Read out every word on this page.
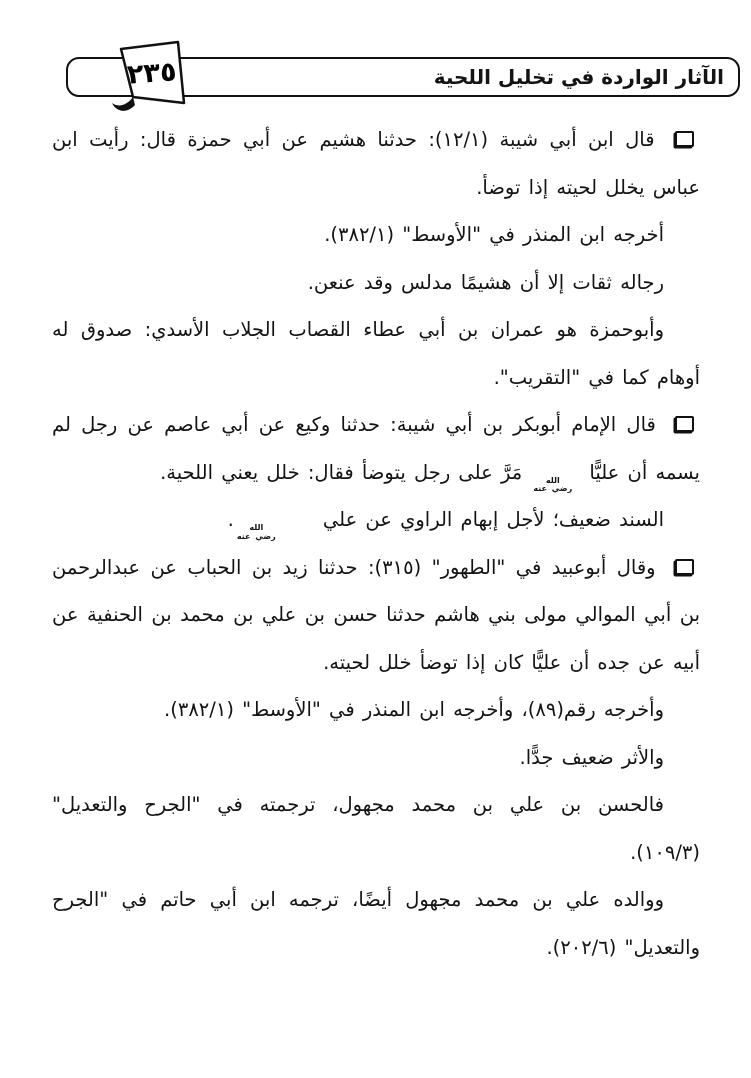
الآثار الواردة في تخليل اللحية
٢٣٥

قال ابن أبي شيبة (١٢/١): حدثنا هشيم عن أبي حمزة قال: رأيت ابن عباس يخلل لحيته إذا توضأ.

أخرجه ابن المنذر في "الأوسط" (٣٨٢/١).

رجاله ثقات إلا أن هشيمًا مدلس وقد عنعن.

وأبوحمزة هو عمران بن أبي عطاء القصاب الجلاب الأسدي: صدوق له أوهام كما في "التقريب".

قال الإمام أبوبكر بن أبي شيبة: حدثنا وكيع عن أبي عاصم عن رجل لم يسمه أن عليًّا
الله
رضي عنه
مَرَّ على رجل يتوضأ فقال: خلل يعني اللحية.

السند ضعيف؛ لأجل إبهام الراوي عن علي
الله
رضي عنه
.

وقال أبوعبيد في "الطهور" (٣١٥): حدثنا زيد بن الحباب عن عبدالرحمن بن أبي الموالي مولى بني هاشم حدثنا حسن بن علي بن محمد بن الحنفية عن أبيه عن جده أن عليًّا كان إذا توضأ خلل لحيته.

وأخرجه رقم(٨٩)، وأخرجه ابن المنذر في "الأوسط" (٣٨٢/١).

والأثر ضعيف جدًّا.

فالحسن بن علي بن محمد مجهول، ترجمته في "الجرح والتعديل" (١٠٩/٣).

ووالده علي بن محمد مجهول أيضًا، ترجمه ابن أبي حاتم في "الجرح والتعديل" (٢٠٢/٦).
